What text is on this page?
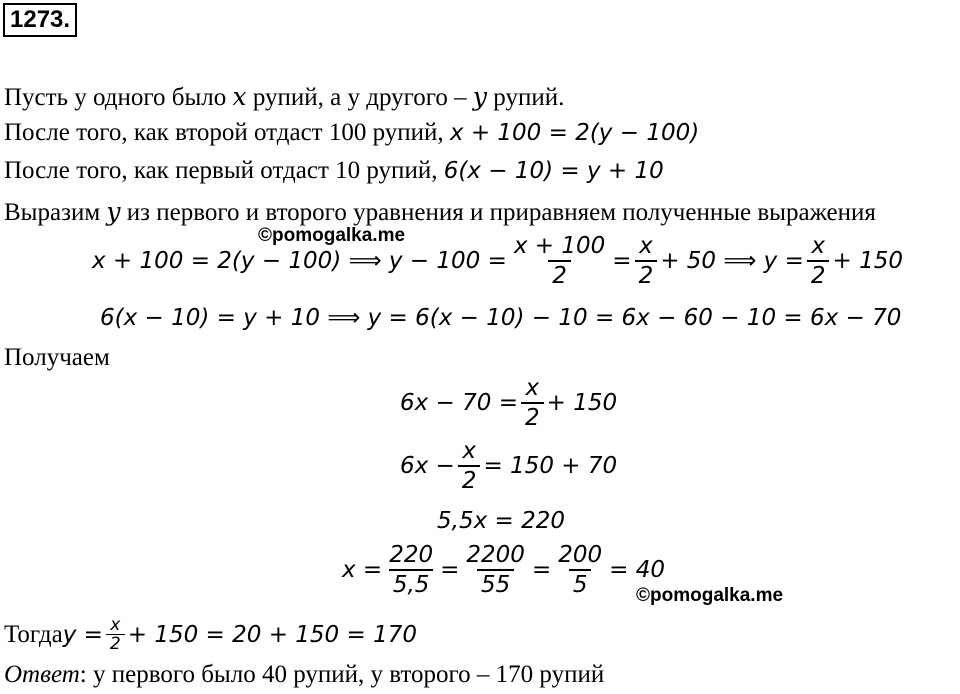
1273.
Пусть у одного было x рупий, а у другого – y рупий.
После того, как второй отдаст 100 рупий, x + 100 = 2(y − 100)
После того, как первый отдаст 10 рупий, 6(x − 10) = y + 10
Выразим y из первого и второго уравнения и приравняем полученные выражения
©pomogalka.me
x + 100 = 2(y − 100) ⟹ $y - 100 = \frac{x + 100}{2} = \frac{x}{2} + 50$ ⟹ $y = \frac{x}{2} + 150$
6(x − 10) = y + 10 ⟹ y = 6(x − 10) − 10 = 6x − 60 − 10 = 6x − 70
Получаем
$6x - 70 = \frac{x}{2} + 150$
$6x - \frac{x}{2} = 150 + 70$
5,5x = 220
$x = \frac{220}{5,5} = \frac{2200}{55} = \frac{200}{5} = 40$
©pomogalka.me
Тогда $y = \frac{x}{2} + 150 = 20 + 150 = 170$
Ответ: у первого было 40 рупий, у второго – 170 рупий
